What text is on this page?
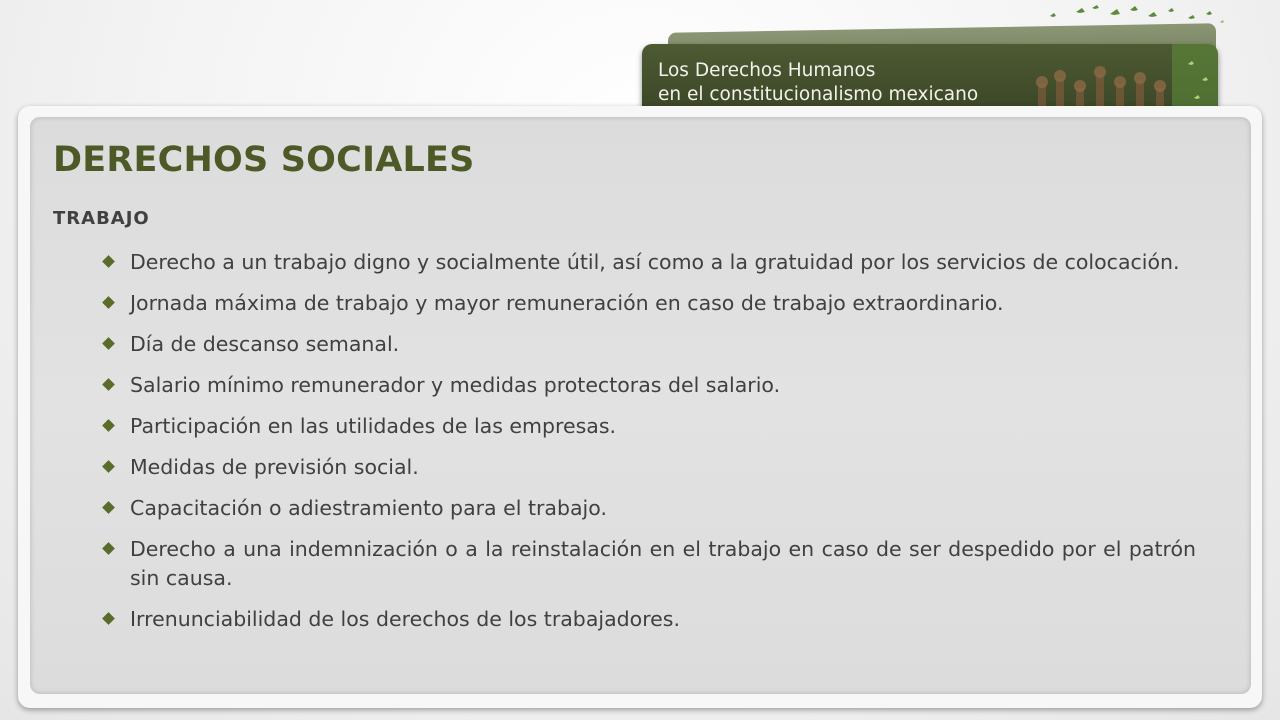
Los Derechos Humanos
en el constitucionalismo mexicano
DERECHOS SOCIALES
TRABAJO
Derecho a un trabajo digno y socialmente útil, así como a la gratuidad por los servicios de colocación.
Jornada máxima de trabajo y mayor remuneración en caso de trabajo extraordinario.
Día de descanso semanal.
Salario mínimo remunerador y medidas protectoras del salario.
Participación en las utilidades de las empresas.
Medidas de previsión social.
Capacitación o adiestramiento para el trabajo.
Derecho a una indemnización o a la reinstalación en el trabajo en caso de ser despedido por el patrón sin causa.
Irrenunciabilidad de los derechos de los trabajadores.
